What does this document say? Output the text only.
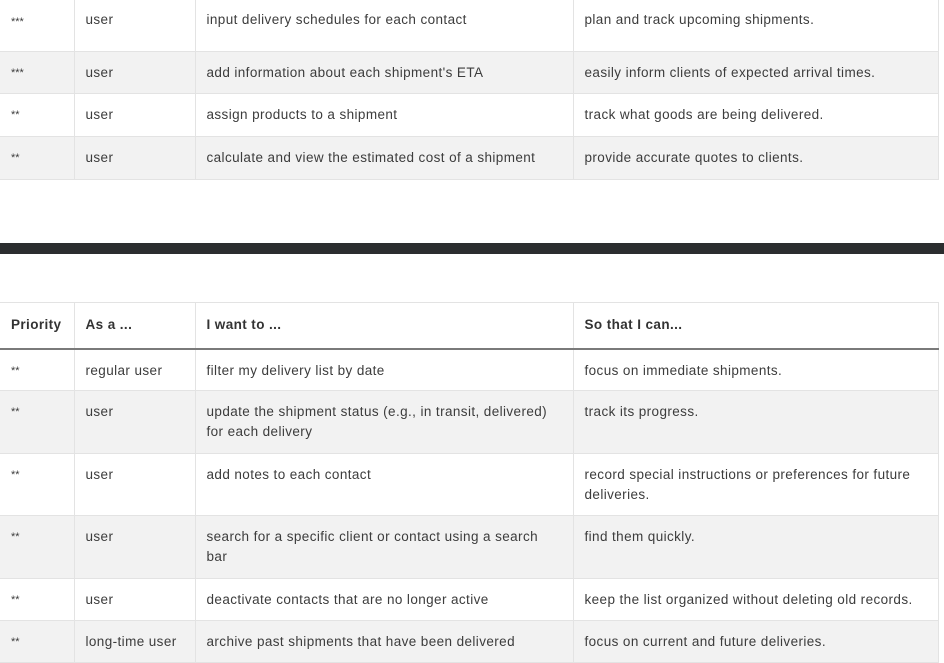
***	user	input delivery schedules for each contact	plan and track upcoming shipments.
***	user	add information about each shipment's ETA	easily inform clients of expected arrival times.
**	user	assign products to a shipment	track what goods are being delivered.
**	user	calculate and view the estimated cost of a shipment	provide accurate quotes to clients.
Priority	As a ...	I want to ...	So that I can...
**	regular user	filter my delivery list by date	focus on immediate shipments.
**	user	update the shipment status (e.g., in transit, delivered) for each delivery	track its progress.
**	user	add notes to each contact	record special instructions or preferences for future deliveries.
**	user	search for a specific client or contact using a search bar	find them quickly.
**	user	deactivate contacts that are no longer active	keep the list organized without deleting old records.
**	long-time user	archive past shipments that have been delivered	focus on current and future deliveries.
